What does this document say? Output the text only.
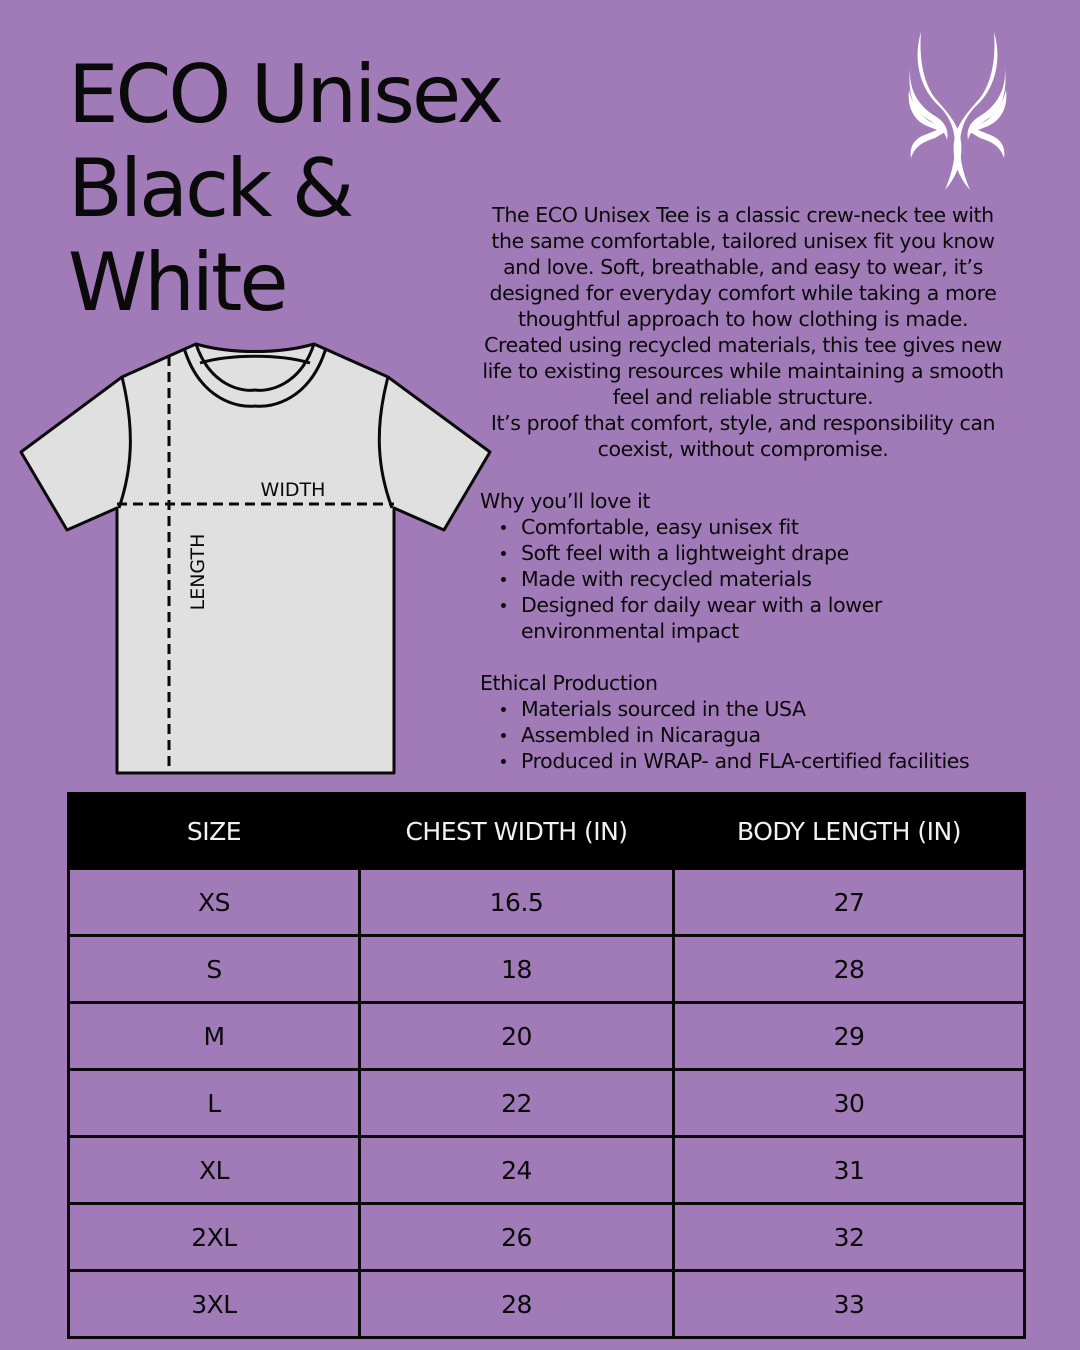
ECO Unisex
Black &
White

The ECO Unisex Tee is a classic crew-neck tee with the same comfortable, tailored unisex fit you know and love. Soft, breathable, and easy to wear, it’s designed for everyday comfort while taking a more thoughtful approach to how clothing is made. Created using recycled materials, this tee gives new life to existing resources while maintaining a smooth feel and reliable structure.

It’s proof that comfort, style, and responsibility can coexist, without compromise.

Why you’ll love it

Comfortable, easy unisex fit
Soft feel with a lightweight drape
Made with recycled materials
Designed for daily wear with a lower environmental impact

Ethical Production

Materials sourced in the USA
Assembled in Nicaragua
Produced in WRAP- and FLA-certified facilities
WIDTH
LENGTH
SIZE	CHEST WIDTH (IN)	BODY LENGTH (IN)
XS	16.5	27
S	18	28
M	20	29
L	22	30
XL	24	31
2XL	26	32
3XL	28	33
